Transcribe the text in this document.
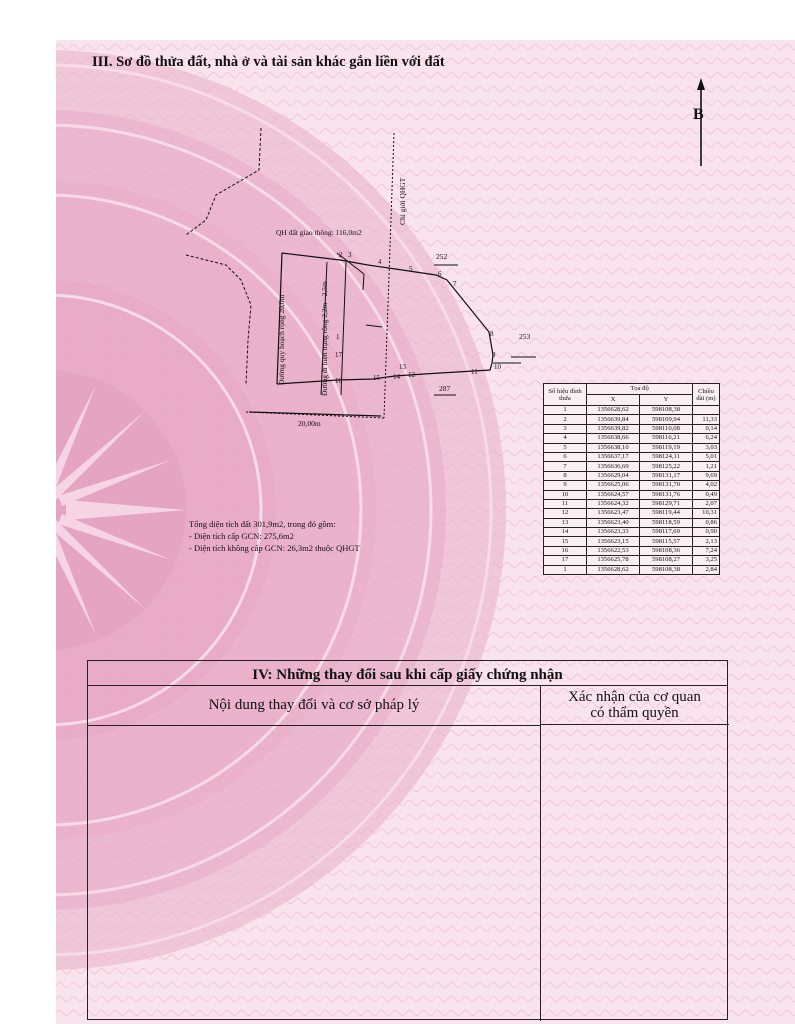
III. Sơ đồ thửa đất, nhà ở và tài sản khác gắn liền với đất
B
QH đất giao thông: 116,0m2
Chỉ giới QHGT
Đường quy hoạch rộng 20,0m	Đường đi hiện trạng rộng 2,2m - 2,5m
20,00m
252
253
287
1
2 3
4
5
6
7
8
9
10
11
12
13
14
15
16
17
Tổng diện tích đất 301,9m2, trong đó gồm:
- Diện tích cấp GCN: 275,6m2
- Diện tích không cấp GCN: 26,3m2 thuộc QHGT
Số hiệu đỉnh thửa	Tọa độ		Chiều dài (m)
	X	Y	
1	1356628,62	598108,38	
2	1356639,84	598109,94	11,33
3	1356639,82	598110,08	0,14
4	1356638,66	598116,21	6,24
5	1356638,10	598119,19	3,03
6	1356637,17	598124,11	5,01
7	1356636,69	598125,22	1,21
8	1356629,04	598131,17	9,69
9	1356625,06	598131,70	4,02
10	1356624,57	598131,76	0,49
11	1356624,32	598129,71	2,07
12	1356623,47	598119,44	10,31
13	1356623,40	598118,59	0,86
14	1356623,33	598117,69	0,90
15	1356623,15	598115,57	2,13
16	1356622,53	598108,36	7,24
17	1356625,78	598108,27	3,25
1	1356628,62	598108,38	2,84
IV: Những thay đổi sau khi cấp giấy chứng nhận
Nội dung thay đổi và cơ sở pháp lý	Xác nhận của cơ quan
có thẩm quyền
